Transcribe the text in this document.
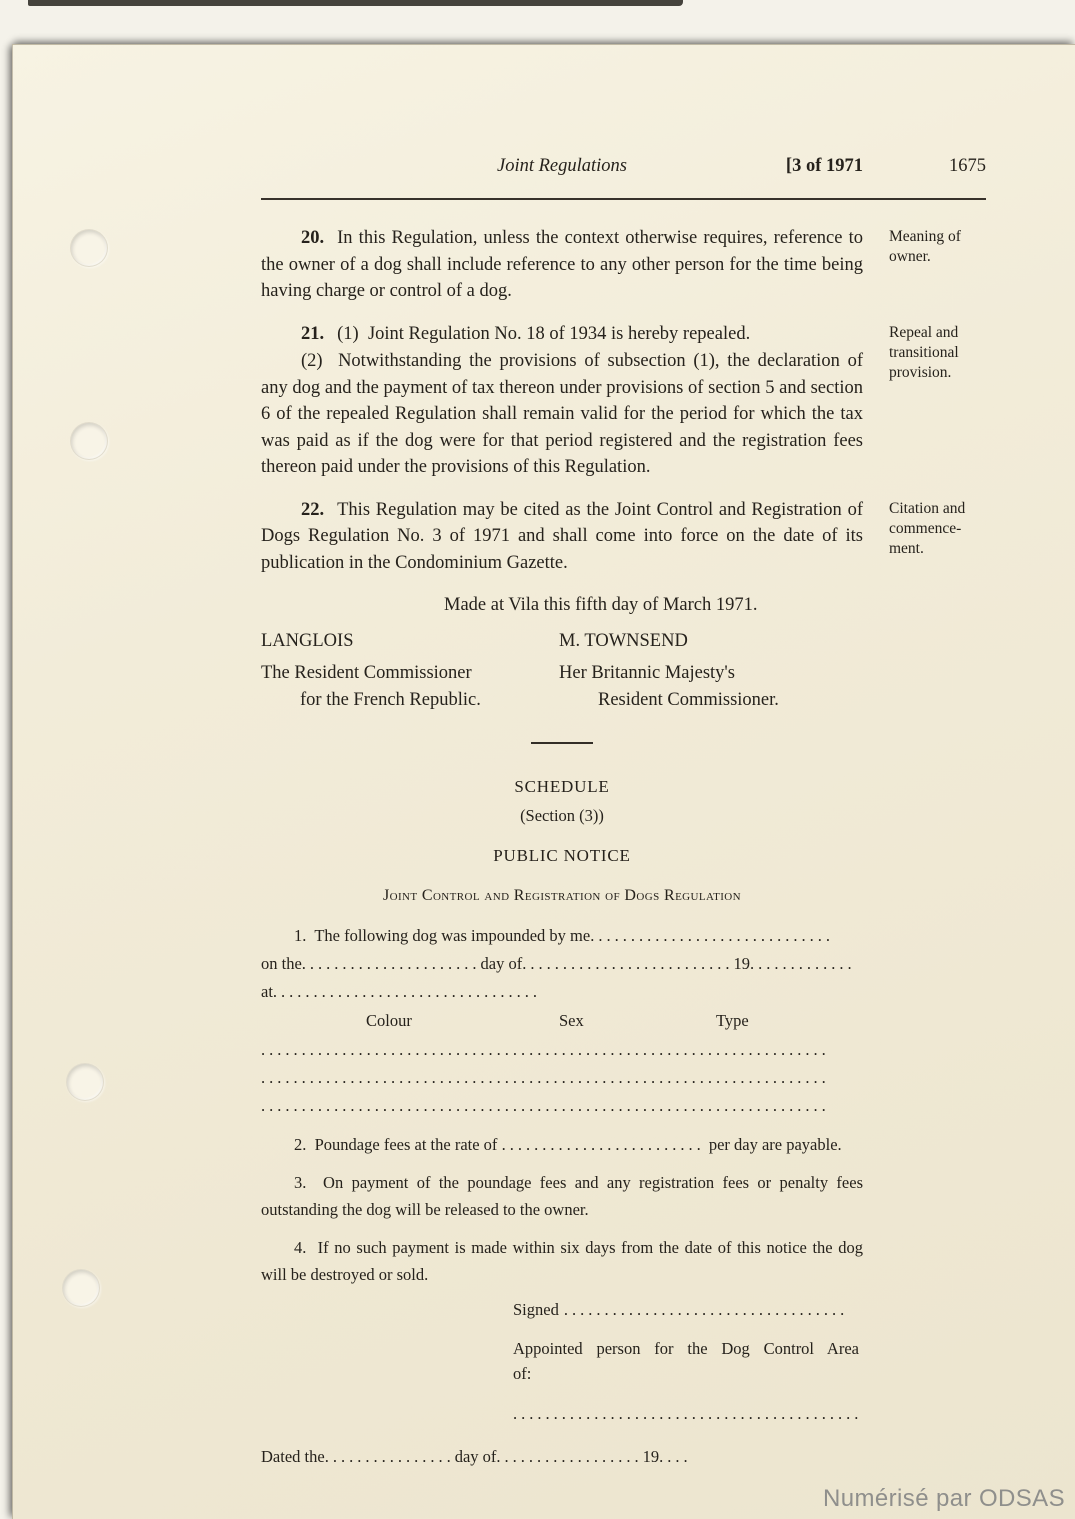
Joint Regulations	[3 of 1971	1675

20. In this Regulation, unless the context otherwise requires, reference to the owner of a dog shall include reference to any other person for the time being having charge or control of a dog.

Meaning of owner.

21. (1)  Joint Regulation No. 18 of 1934 is hereby repealed.

(2)  Notwithstanding the provisions of subsection (1), the declaration of any dog and the payment of tax thereon under provisions of section 5 and section 6 of the repealed Regulation shall remain valid for the period for which the tax was paid as if the dog were for that period registered and the registration fees thereon paid under the provisions of this Regulation.

Repeal and transitional provision.

22. This Regulation may be cited as the Joint Control and Registration of Dogs Regulation No. 3 of 1971 and shall come into force on the date of its publication in the Condominium Gazette.

Citation and commence-ment.
Made at Vila this fifth day of March 1971.
LANGLOIS
The Resident Commissioner
for the French Republic.
M. TOWNSEND
Her Britannic Majesty's
Resident Commissioner.
SCHEDULE
(Section (3))
PUBLIC NOTICE
Joint Control and Registration of Dogs Regulation
1.  The following dog was impounded by me..............................
on the......................day of..........................19.............
at.................................
Colour	Sex	Type
......................................................................
......................................................................
......................................................................
2.  Poundage fees at the rate of ......................... per day are payable.
3.  On payment of the poundage fees and any registration fees or penalty fees outstanding the dog will be released to the owner.
4.  If no such payment is made within six days from the date of this notice the dog will be destroyed or sold.
Signed ...................................
Appointed person for the Dog Control Area
of:
...........................................
Dated the................day of..................19....
Numérisé par ODSAS
